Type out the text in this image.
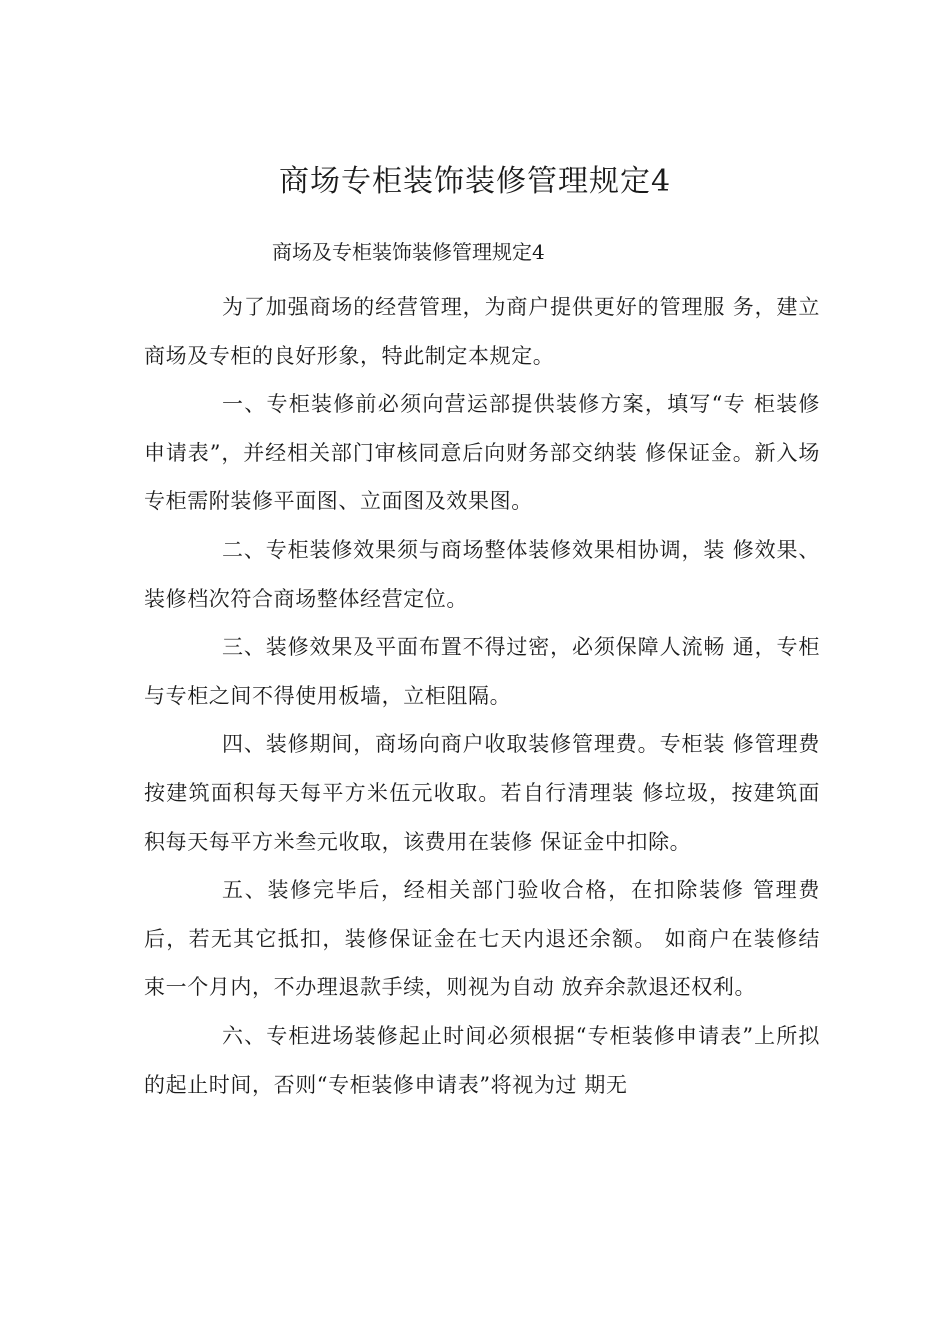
商场专柜装饰装修管理规定4
商场及专柜装饰装修管理规定4

为了加强商场的经营管理，为商户提供更好的管理服 务，建立商场及专柜的良好形象，特此制定本规定。

一、专柜装修前必须向营运部提供装修方案，填写“专 柜装修申请表”，并经相关部门审核同意后向财务部交纳装 修保证金。新入场专柜需附装修平面图、立面图及效果图。

二、专柜装修效果须与商场整体装修效果相协调，装 修效果、装修档次符合商场整体经营定位。

三、装修效果及平面布置不得过密，必须保障人流畅 通，专柜与专柜之间不得使用板墙，立柜阻隔。

四、装修期间，商场向商户收取装修管理费。专柜装 修管理费按建筑面积每天每平方米伍元收取。若自行清理装 修垃圾，按建筑面积每天每平方米叁元收取，该费用在装修 保证金中扣除。

五、装修完毕后，经相关部门验收合格，在扣除装修 管理费后，若无其它抵扣，装修保证金在七天内退还余额。 如商户在装修结束一个月内，不办理退款手续，则视为自动 放弃余款退还权利。

六、专柜进场装修起止时间必须根据“专柜装修申请表”上所拟的起止时间，否则“专柜装修申请表”将视为过 期无
